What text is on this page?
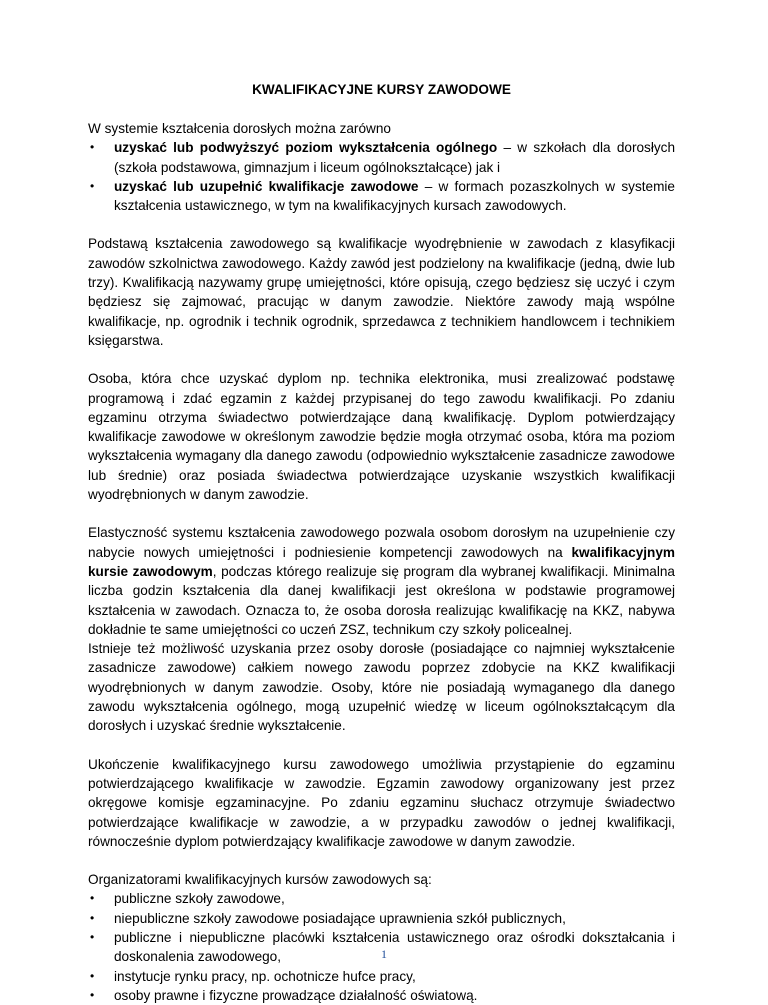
KWALIFIKACYJNE KURSY ZAWODOWE

W systemie kształcenia dorosłych można zarówno

• uzyskać lub podwyższyć poziom wykształcenia ogólnego – w szkołach dla dorosłych (szkoła podstawowa, gimnazjum i liceum ogólnokształcące) jak i
• uzyskać lub uzupełnić kwalifikacje zawodowe – w formach pozaszkolnych w systemie kształcenia ustawicznego, w tym na kwalifikacyjnych kursach zawodowych.

Podstawą kształcenia zawodowego są kwalifikacje wyodrębnienie w zawodach z klasyfikacji zawodów szkolnictwa zawodowego. Każdy zawód jest podzielony na kwalifikacje (jedną, dwie lub trzy). Kwalifikacją nazywamy grupę umiejętności, które opisują, czego będziesz się uczyć i czym będziesz się zajmować, pracując w danym zawodzie. Niektóre zawody mają wspólne kwalifikacje, np. ogrodnik i technik ogrodnik, sprzedawca z technikiem handlowcem i technikiem księgarstwa.

Osoba, która chce uzyskać dyplom np. technika elektronika, musi zrealizować podstawę programową i zdać egzamin z każdej przypisanej do tego zawodu kwalifikacji. Po zdaniu egzaminu otrzyma świadectwo potwierdzające daną kwalifikację. Dyplom potwierdzający kwalifikacje zawodowe w określonym zawodzie będzie mogła otrzymać osoba, która ma poziom wykształcenia wymagany dla danego zawodu (odpowiednio wykształcenie zasadnicze zawodowe lub średnie) oraz posiada świadectwa potwierdzające uzyskanie wszystkich kwalifikacji wyodrębnionych w danym zawodzie.

Elastyczność systemu kształcenia zawodowego pozwala osobom dorosłym na uzupełnienie czy nabycie nowych umiejętności i podniesienie kompetencji zawodowych na kwalifikacyjnym kursie zawodowym, podczas którego realizuje się program dla wybranej kwalifikacji. Minimalna liczba godzin kształcenia dla danej kwalifikacji jest określona w podstawie programowej kształcenia w zawodach. Oznacza to, że osoba dorosła realizując kwalifikację na KKZ, nabywa dokładnie te same umiejętności co uczeń ZSZ, technikum czy szkoły policealnej.

Istnieje też możliwość uzyskania przez osoby dorosłe (posiadające co najmniej wykształcenie zasadnicze zawodowe) całkiem nowego zawodu poprzez zdobycie na KKZ kwalifikacji wyodrębnionych w danym zawodzie. Osoby, które nie posiadają wymaganego dla danego zawodu wykształcenia ogólnego, mogą uzupełnić wiedzę w liceum ogólnokształcącym dla dorosłych i uzyskać średnie wykształcenie.

Ukończenie kwalifikacyjnego kursu zawodowego umożliwia przystąpienie do egzaminu potwierdzającego kwalifikacje w zawodzie. Egzamin zawodowy organizowany jest przez okręgowe komisje egzaminacyjne. Po zdaniu egzaminu słuchacz otrzymuje świadectwo potwierdzające kwalifikacje w zawodzie, a w przypadku zawodów o jednej kwalifikacji, równocześnie dyplom potwierdzający kwalifikacje zawodowe w danym zawodzie.

Organizatorami kwalifikacyjnych kursów zawodowych są:

• publiczne szkoły zawodowe,
• niepubliczne szkoły zawodowe posiadające uprawnienia szkół publicznych,
• publiczne i niepubliczne placówki kształcenia ustawicznego oraz ośrodki dokształcania i doskonalenia zawodowego,
• instytucje rynku pracy, np. ochotnicze hufce pracy,
• osoby prawne i fizyczne prowadzące działalność oświatową.
1
